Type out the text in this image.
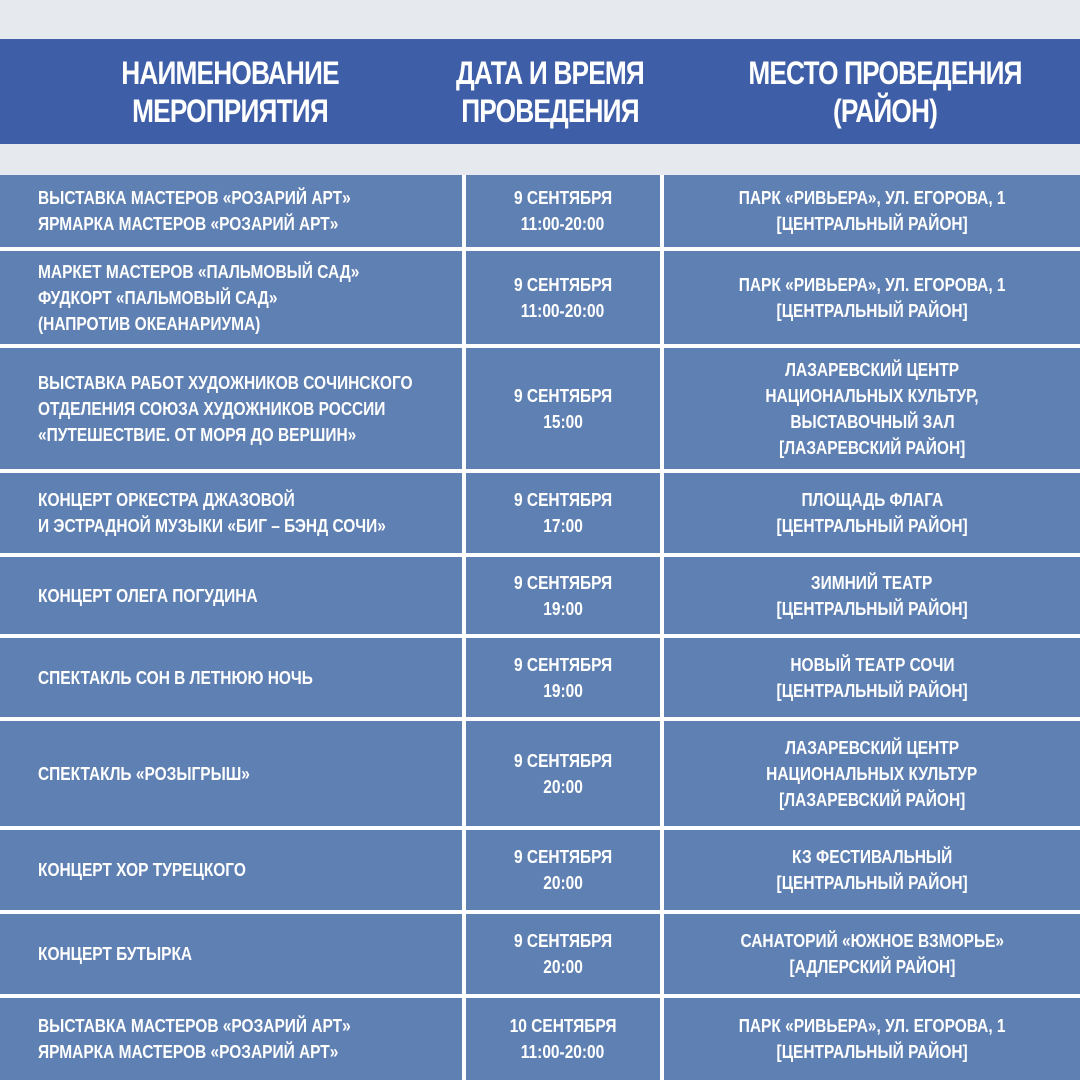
НАИМЕНОВАНИЕ
МЕРОПРИЯТИЯ
ДАТА И ВРЕМЯ
ПРОВЕДЕНИЯ
МЕСТО ПРОВЕДЕНИЯ
(РАЙОН)
ВЫСТАВКА МАСТЕРОВ «РОЗАРИЙ АРТ»
ЯРМАРКА МАСТЕРОВ «РОЗАРИЙ АРТ»
9 СЕНТЯБРЯ
11:00-20:00
ПАРК «РИВЬЕРА», УЛ. ЕГОРОВА, 1
[ЦЕНТРАЛЬНЫЙ РАЙОН]
МАРКЕТ МАСТЕРОВ «ПАЛЬМОВЫЙ САД»
ФУДКОРТ «ПАЛЬМОВЫЙ САД»
(НАПРОТИВ ОКЕАНАРИУМА)
9 СЕНТЯБРЯ
11:00-20:00
ПАРК «РИВЬЕРА», УЛ. ЕГОРОВА, 1
[ЦЕНТРАЛЬНЫЙ РАЙОН]
ВЫСТАВКА РАБОТ ХУДОЖНИКОВ СОЧИНСКОГО
ОТДЕЛЕНИЯ СОЮЗА ХУДОЖНИКОВ РОССИИ
«ПУТЕШЕСТВИЕ. ОТ МОРЯ ДО ВЕРШИН»
9 СЕНТЯБРЯ
15:00
ЛАЗАРЕВСКИЙ ЦЕНТР
НАЦИОНАЛЬНЫХ КУЛЬТУР,
ВЫСТАВОЧНЫЙ ЗАЛ
[ЛАЗАРЕВСКИЙ РАЙОН]
КОНЦЕРТ ОРКЕСТРА ДЖАЗОВОЙ
И ЭСТРАДНОЙ МУЗЫКИ «БИГ – БЭНД СОЧИ»
9 СЕНТЯБРЯ
17:00
ПЛОЩАДЬ ФЛАГА
[ЦЕНТРАЛЬНЫЙ РАЙОН]
КОНЦЕРТ ОЛЕГА ПОГУДИНА
9 СЕНТЯБРЯ
19:00
ЗИМНИЙ ТЕАТР
[ЦЕНТРАЛЬНЫЙ РАЙОН]
СПЕКТАКЛЬ СОН В ЛЕТНЮЮ НОЧЬ
9 СЕНТЯБРЯ
19:00
НОВЫЙ ТЕАТР СОЧИ
[ЦЕНТРАЛЬНЫЙ РАЙОН]
СПЕКТАКЛЬ «РОЗЫГРЫШ»
9 СЕНТЯБРЯ
20:00
ЛАЗАРЕВСКИЙ ЦЕНТР
НАЦИОНАЛЬНЫХ КУЛЬТУР
[ЛАЗАРЕВСКИЙ РАЙОН]
КОНЦЕРТ ХОР ТУРЕЦКОГО
9 СЕНТЯБРЯ
20:00
КЗ ФЕСТИВАЛЬНЫЙ
[ЦЕНТРАЛЬНЫЙ РАЙОН]
КОНЦЕРТ БУТЫРКА
9 СЕНТЯБРЯ
20:00
САНАТОРИЙ «ЮЖНОЕ ВЗМОРЬЕ»
[АДЛЕРСКИЙ РАЙОН]
ВЫСТАВКА МАСТЕРОВ «РОЗАРИЙ АРТ»
ЯРМАРКА МАСТЕРОВ «РОЗАРИЙ АРТ»
10 СЕНТЯБРЯ
11:00-20:00
ПАРК «РИВЬЕРА», УЛ. ЕГОРОВА, 1
[ЦЕНТРАЛЬНЫЙ РАЙОН]
